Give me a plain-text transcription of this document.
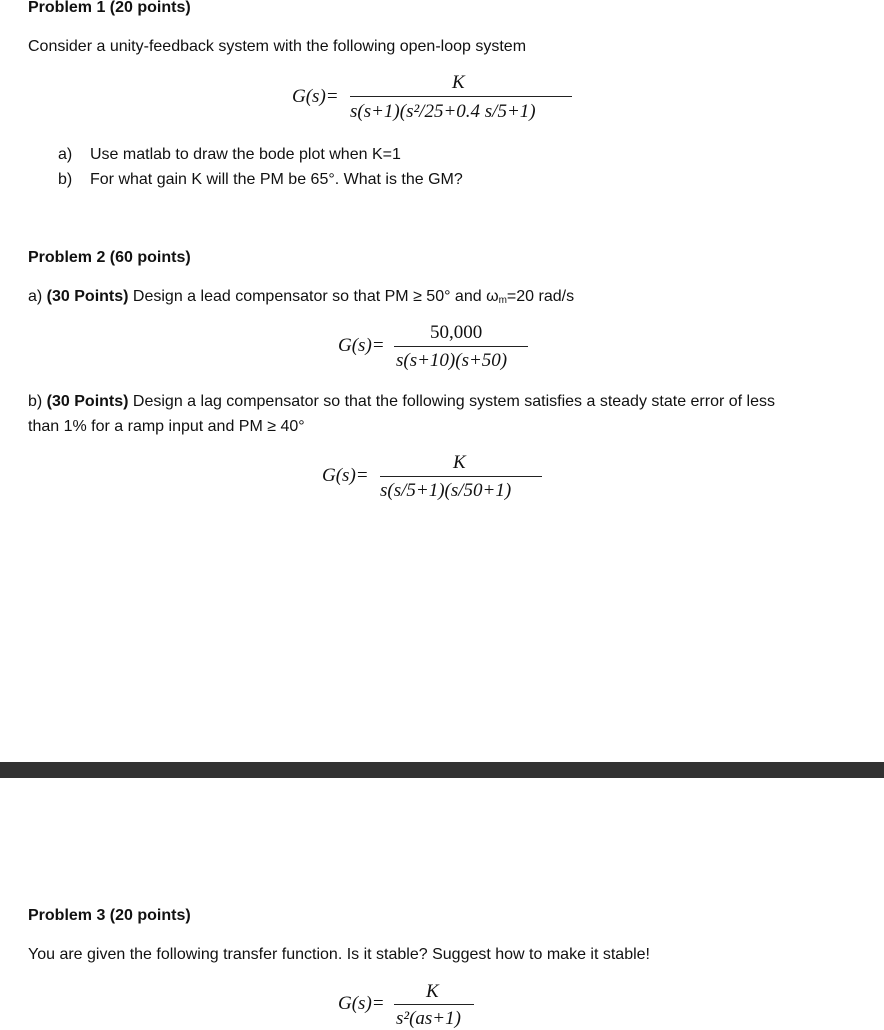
Problem 1 (20 points)
Consider a unity-feedback system with the following open-loop system
G(s)=
K
s(s+1)(s²/25+0.4 s/5+1)
a) Use matlab to draw the bode plot when K=1
b) For what gain K will the PM be 65°. What is the GM?
Problem 2 (60 points)
a) (30 Points) Design a lead compensator so that PM ≥ 50° and $\omega_m=20$ rad/s
G(s)=
50,000
s(s+10)(s+50)
b) (30 Points) Design a lag compensator so that the following system satisfies a steady state error of less
than 1% for a ramp input and PM ≥ 40°
G(s)=
K
s(s/5+1)(s/50+1)
Problem 3 (20 points)
You are given the following transfer function. Is it stable? Suggest how to make it stable!
G(s)=
K
s²(as+1)
